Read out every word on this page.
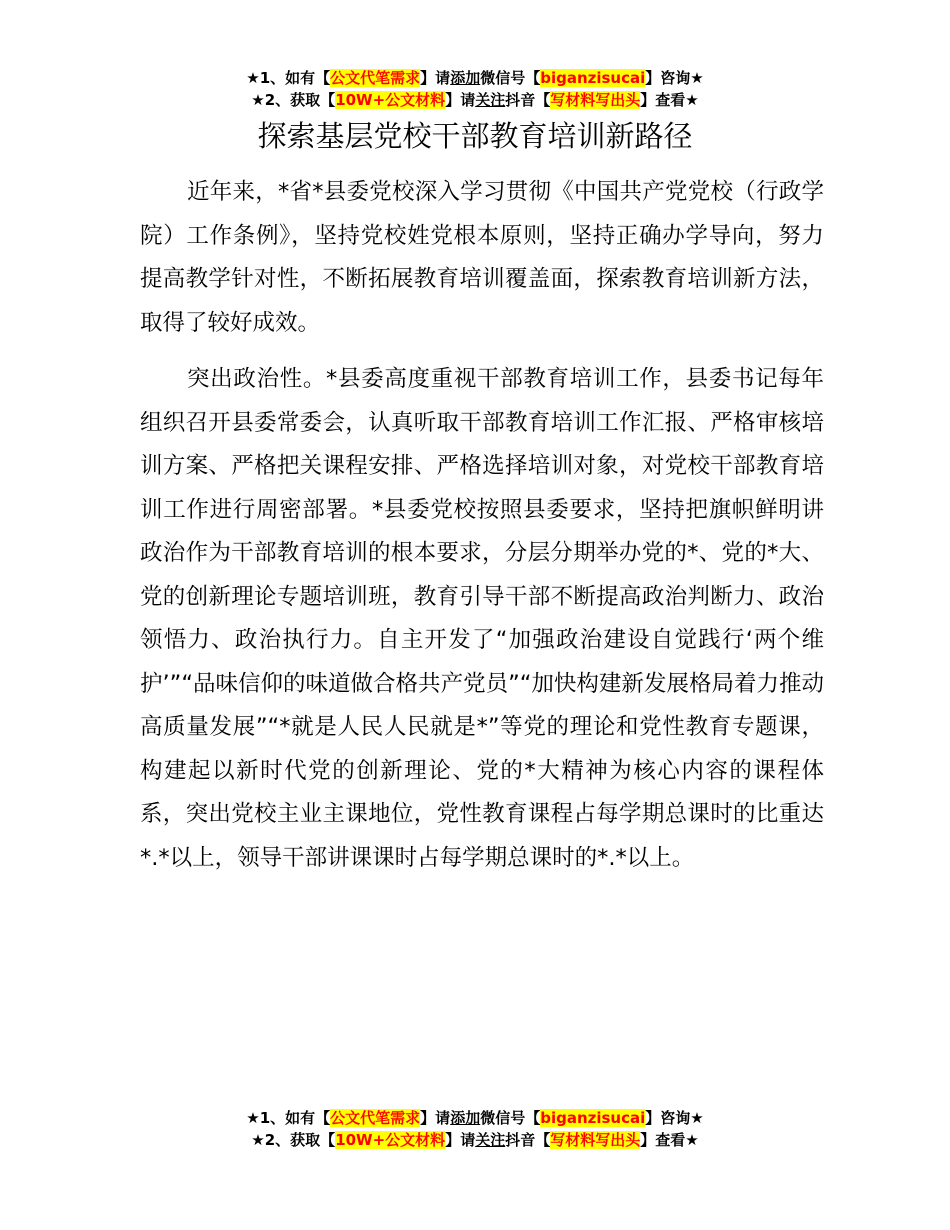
★1、如有【公文代笔需求】请添加微信号【biganzisucai】咨询★
★2、获取【10W+公文材料】请关注抖音【写材料写出头】查看★
探索基层党校干部教育培训新路径

近年来，*省*县委党校深入学习贯彻《中国共产党党校（行政学院）工作条例》，坚持党校姓党根本原则，坚持正确办学导向，努力提高教学针对性，不断拓展教育培训覆盖面，探索教育培训新方法，取得了较好成效。

突出政治性。*县委高度重视干部教育培训工作，县委书记每年组织召开县委常委会，认真听取干部教育培训工作汇报、严格审核培训方案、严格把关课程安排、严格选择培训对象，对党校干部教育培训工作进行周密部署。*县委党校按照县委要求，坚持把旗帜鲜明讲政治作为干部教育培训的根本要求，分层分期举办党的*、党的*大、党的创新理论专题培训班，教育引导干部不断提高政治判断力、政治领悟力、政治执行力。自主开发了“加强政治建设自觉践行‘两个维护’”“品味信仰的味道做合格共产党员”“加快构建新发展格局着力推动高质量发展”“*就是人民人民就是*”等党的理论和党性教育专题课，构建起以新时代党的创新理论、党的*大精神为核心内容的课程体系，突出党校主业主课地位，党性教育课程占每学期总课时的比重达*.*以上，领导干部讲课课时占每学期总课时的*.*以上。

★1、如有【公文代笔需求】请添加微信号【biganzisucai】咨询★
★2、获取【10W+公文材料】请关注抖音【写材料写出头】查看★
